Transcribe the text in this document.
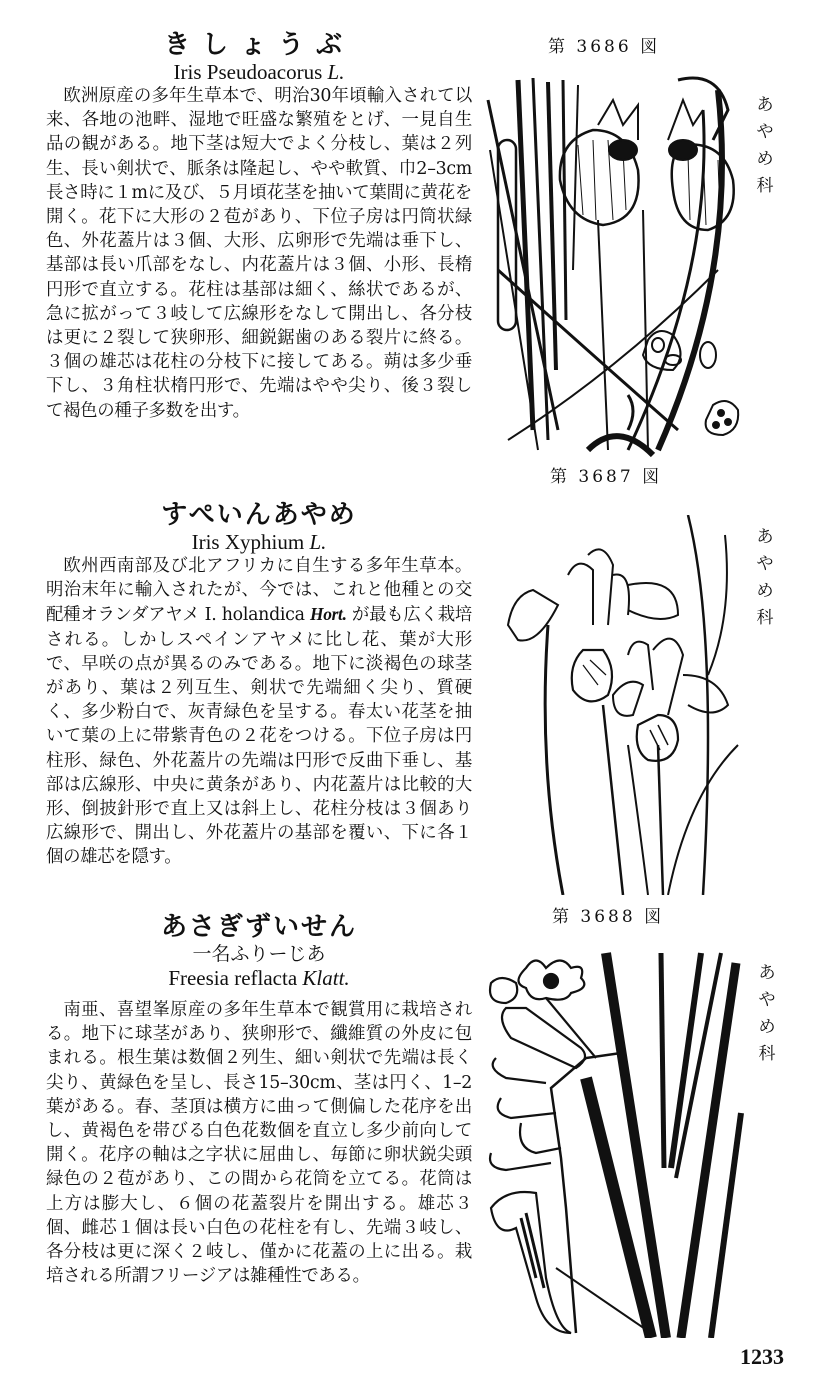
きしょうぶ

Iris Pseudoacorus L.

欧洲原産の多年生草本で、明治30年頃輸入されて以来、各地の池畔、湿地で旺盛な繁殖をとげ、一見自生品の観がある。地下茎は短大でよく分枝し、葉は２列生、長い剣状で、脈条は隆起し、やや軟質、巾2–3cm長さ時に１mに及び、５月頃花茎を抽いて葉間に黄花を開く。花下に大形の２苞があり、下位子房は円筒状緑色、外花蓋片は３個、大形、広卵形で先端は垂下し、基部は長い爪部をなし、内花蓋片は３個、小形、長楕円形で直立する。花柱は基部は細く、絲状であるが、急に拡がって３岐して広線形をなして開出し、各分枝は更に２裂して狭卵形、細鋭鋸歯のある裂片に終る。３個の雄芯は花柱の分枝下に接してある。蒴は多少垂下し、３角柱状楕円形で、先端はやや尖り、後３裂して褐色の種子多数を出す。

すぺいんあやめ

Iris Xyphium L.

欧州西南部及び北アフリカに自生する多年生草本。明治末年に輸入されたが、今では、これと他種との交配種オランダアヤメ I. holandica Hort. が最も広く栽培される。しかしスペインアヤメに比し花、葉が大形で、早咲の点が異るのみである。地下に淡褐色の球茎があり、葉は２列互生、剣状で先端細く尖り、質硬く、多少粉白で、灰青緑色を呈する。春太い花茎を抽いて葉の上に帯紫青色の２花をつける。下位子房は円柱形、緑色、外花蓋片の先端は円形で反曲下垂し、基部は広線形、中央に黄条があり、内花蓋片は比較的大形、倒披針形で直上又は斜上し、花柱分枝は３個あり広線形で、開出し、外花蓋片の基部を覆い、下に各１個の雄芯を隠す。

あさぎずいせん

一名ふりーじあ

Freesia reflacta Klatt.

南亜、喜望峯原産の多年生草本で観賞用に栽培される。地下に球茎があり、狭卵形で、纖維質の外皮に包まれる。根生葉は数個２列生、細い剣状で先端は長く尖り、黄緑色を呈し、長さ15–30cm、茎は円く、1–2葉がある。春、茎頂は横方に曲って側偏した花序を出し、黄褐色を帯びる白色花数個を直立し多少前向して開く。花序の軸は之字状に屈曲し、毎節に卵状鋭尖頭緑色の２苞があり、この間から花筒を立てる。花筒は上方は膨大し、６個の花蓋裂片を開出する。雄芯３個、雌芯１個は長い白色の花柱を有し、先端３岐し、各分枝は更に深く２岐し、僅かに花蓋の上に出る。栽培される所謂フリージアは雑種性である。

第 3686 図
第 3687 図
第 3688 図
あ
や
め
科
あ
や
め
科
あ
や
め
科
1233
